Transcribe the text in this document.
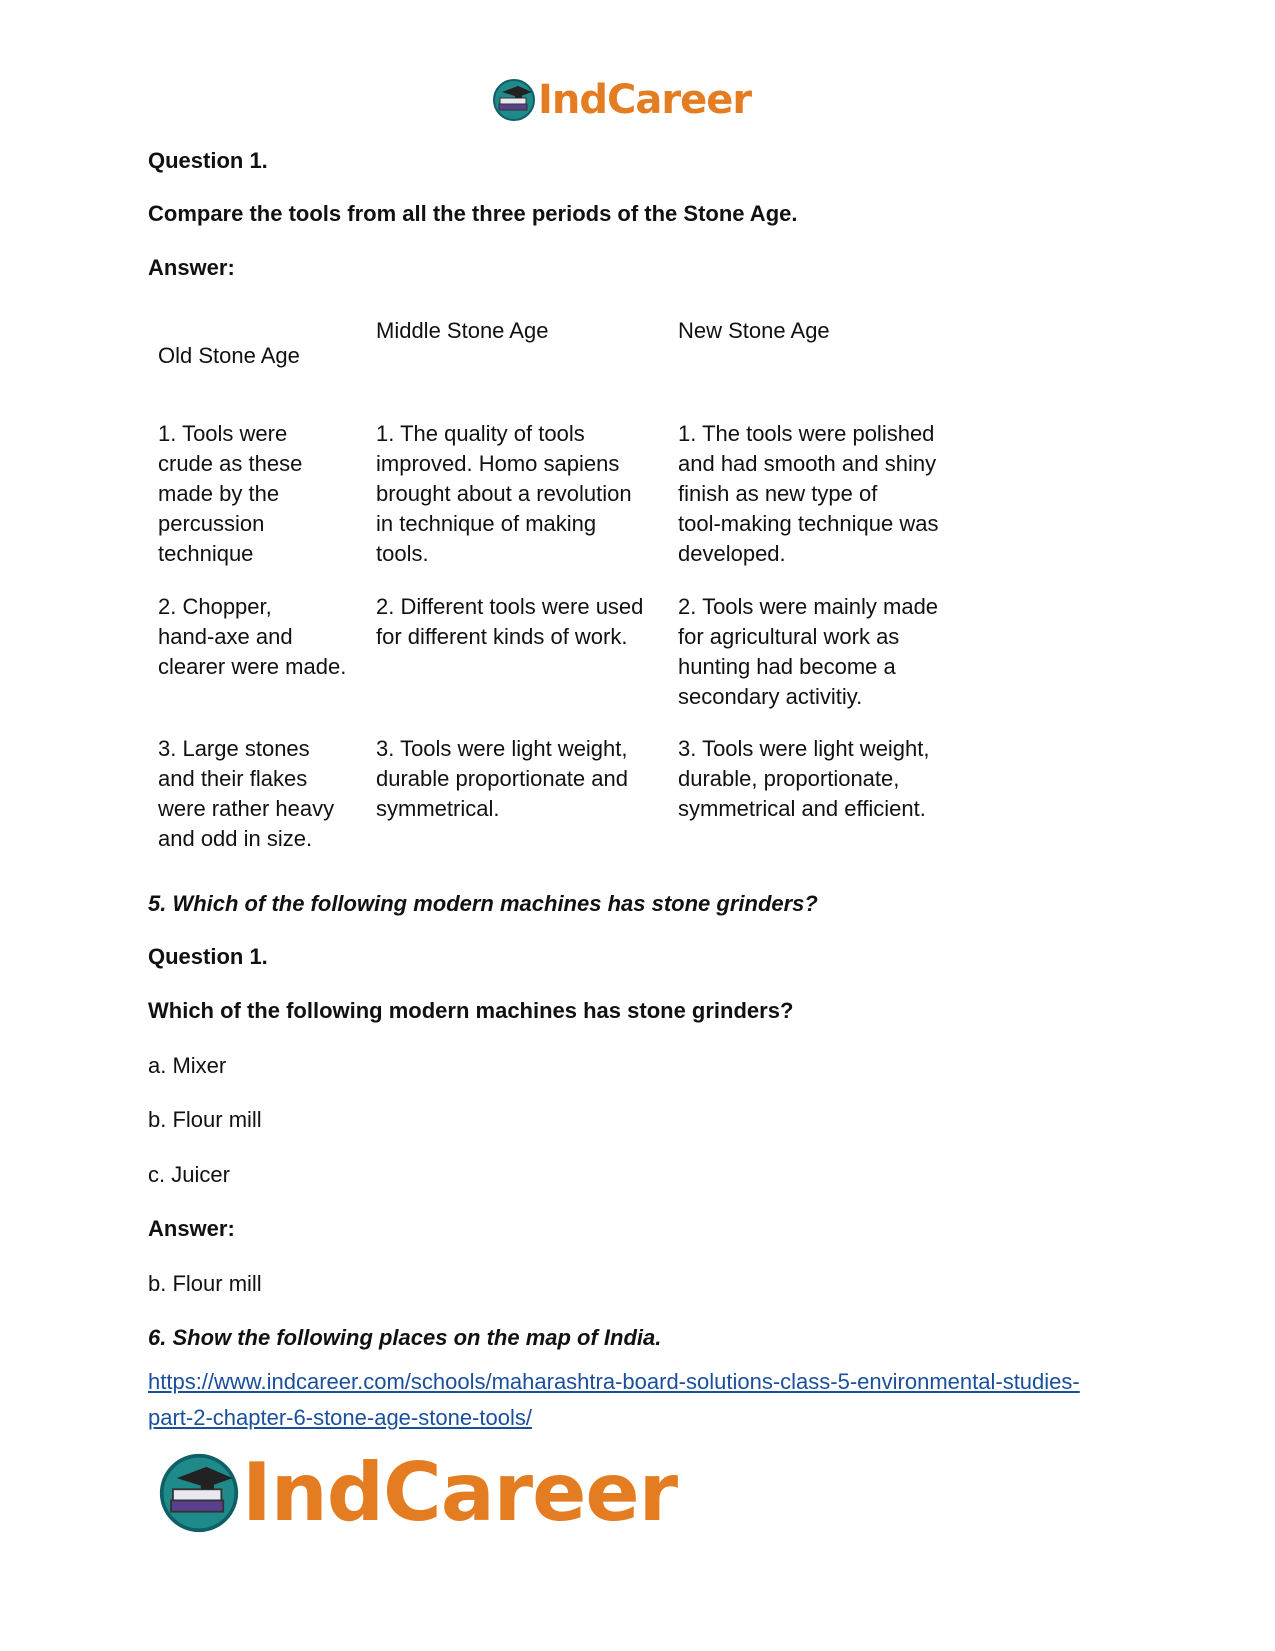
IndCareer
Question 1.
Compare the tools from all the three periods of the Stone Age.
Answer:
Old Stone Age
Middle Stone Age	New Stone Age
1. Tools were
crude as these
made by the
percussion
technique
1. The quality of tools
improved. Homo sapiens
brought about a revolution
in technique of making
tools.
1. The tools were polished
and had smooth and shiny
finish as new type of
tool-making technique was
developed.
2. Chopper,
hand-axe and
clearer were made.
2. Different tools were used
for different kinds of work.
2. Tools were mainly made
for agricultural work as
hunting had become a
secondary activitiy.
3. Large stones
and their flakes
were rather heavy
and odd in size.
3. Tools were light weight,
durable proportionate and
symmetrical.
3. Tools were light weight,
durable, proportionate,
symmetrical and efficient.
5. Which of the following modern machines has stone grinders?
Question 1.
Which of the following modern machines has stone grinders?
a. Mixer
b. Flour mill
c. Juicer
Answer:
b. Flour mill
6. Show the following places on the map of India.
https://www.indcareer.com/schools/maharashtra-board-solutions-class-5-environmental-studies-
part-2-chapter-6-stone-age-stone-tools/
IndCareer
